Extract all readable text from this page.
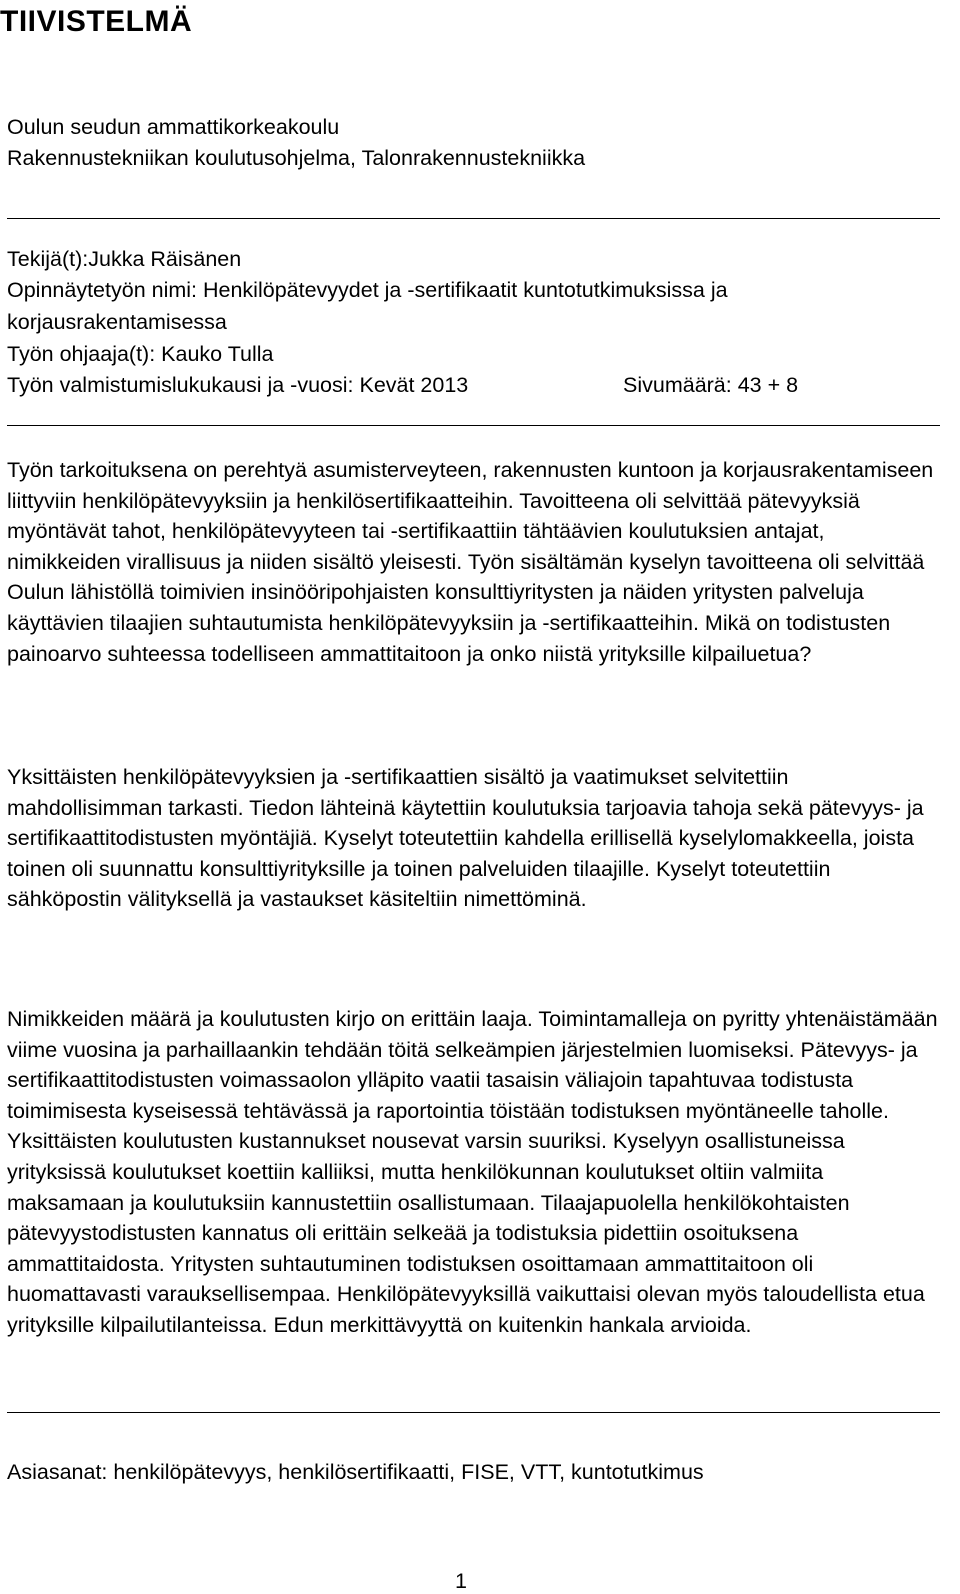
TIIVISTELMÄ
Oulun seudun ammattikorkeakoulu
Rakennustekniikan koulutusohjelma, Talonrakennustekniikka
Tekijä(t):Jukka Räisänen
Opinnäytetyön nimi: Henkilöpätevyydet ja -sertifikaatit kuntotutkimuksissa ja
korjausrakentamisessa
Työn ohjaaja(t): Kauko Tulla
Työn valmistumislukukausi ja -vuosi: Kevät 2013	Sivumäärä: 43 + 8

Työn tarkoituksena on perehtyä asumisterveyteen, rakennusten kuntoon ja korjausrakentamiseen liittyviin henkilöpätevyyksiin ja henkilösertifikaatteihin. Tavoitteena oli selvittää pätevyyksiä myöntävät tahot, henkilöpätevyyteen tai -sertifikaattiin tähtäävien koulutuksien antajat, nimikkeiden virallisuus ja niiden sisältö yleisesti. Työn sisältämän kyselyn tavoitteena oli selvittää Oulun lähistöllä toimivien insinööripohjaisten konsulttiyritysten ja näiden yritysten palveluja käyttävien tilaajien suhtautumista henkilöpätevyyksiin ja -sertifikaatteihin. Mikä on todistusten painoarvo suhteessa todelliseen ammattitaitoon ja onko niistä yrityksille kilpailuetua?

Yksittäisten henkilöpätevyyksien ja -sertifikaattien sisältö ja vaatimukset selvitettiin mahdollisimman tarkasti. Tiedon lähteinä käytettiin koulutuksia tarjoavia tahoja sekä pätevyys- ja sertifikaattitodistusten myöntäjiä. Kyselyt toteutettiin kahdella erillisellä kyselylomakkeella, joista toinen oli suunnattu konsulttiyrityksille ja toinen palveluiden tilaajille. Kyselyt toteutettiin sähköpostin välityksellä ja vastaukset käsiteltiin nimettöminä.

Nimikkeiden määrä ja koulutusten kirjo on erittäin laaja. Toimintamalleja on pyritty yhtenäistämään viime vuosina ja parhaillaankin tehdään töitä selkeämpien järjestelmien luomiseksi. Pätevyys- ja sertifikaattitodistusten voimassaolon ylläpito vaatii tasaisin väliajoin tapahtuvaa todistusta toimimisesta kyseisessä tehtävässä ja raportointia töistään todistuksen myöntäneelle taholle. Yksittäisten koulutusten kustannukset nousevat varsin suuriksi. Kyselyyn osallistuneissa yrityksissä koulutukset koettiin kalliiksi, mutta henkilökunnan koulutukset oltiin valmiita maksamaan ja koulutuksiin kannustettiin osallistumaan. Tilaajapuolella henkilökohtaisten pätevyystodistusten kannatus oli erittäin selkeää ja todistuksia pidettiin osoituksena ammattitaidosta. Yritysten suhtautuminen todistuksen osoittamaan ammattitaitoon oli huomattavasti varauksellisempaa. Henkilöpätevyyksillä vaikuttaisi olevan myös taloudellista etua yrityksille kilpailutilanteissa. Edun merkittävyyttä on kuitenkin hankala arvioida.

Asiasanat: henkilöpätevyys, henkilösertifikaatti, FISE, VTT, kuntotutkimus
1
